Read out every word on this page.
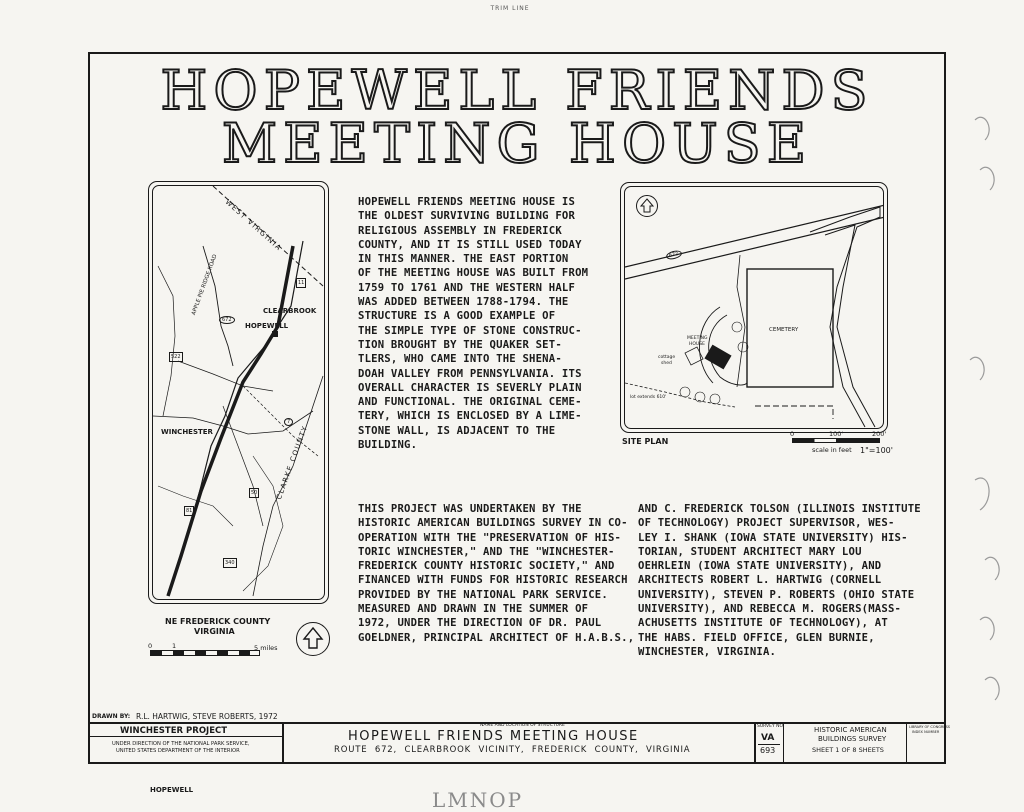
TRIM LINE
HOPEWELL FRIENDS
MEETING HOUSE
WEST VIRGINIA
APPLE PIE RIDGE ROAD	CLEARBROOK
HOPEWELL
WINCHESTER	CLARKE COUNTY
672
11
81
50
522
7
340
NE FREDERICK COUNTY
VIRGINIA
0	1	5 miles
HOPEWELL FRIENDS MEETING HOUSE IS
THE OLDEST SURVIVING BUILDING FOR
RELIGIOUS ASSEMBLY IN FREDERICK
COUNTY, AND IT IS STILL USED TODAY
IN THIS MANNER. THE EAST PORTION
OF THE MEETING HOUSE WAS BUILT FROM
1759 TO 1761 AND THE WESTERN HALF
WAS ADDED BETWEEN 1788-1794. THE
STRUCTURE IS A GOOD EXAMPLE OF
THE SIMPLE TYPE OF STONE CONSTRUC-
TION BROUGHT BY THE QUAKER SET-
TLERS, WHO CAME INTO THE SHENA-
DOAH VALLEY FROM PENNSYLVANIA. ITS
OVERALL CHARACTER IS SEVERLY PLAIN
AND FUNCTIONAL. THE ORIGINAL CEME-
TERY, WHICH IS ENCLOSED BY A LIME-
STONE WALL, IS ADJACENT TO THE
BUILDING.
672
CEMETERY
MEETING
HOUSE
cottage
shed
lot extends 610'
SITE PLAN
0	100'	200'
scale in feet 1"=100'
THIS PROJECT WAS UNDERTAKEN BY THE
HISTORIC AMERICAN BUILDINGS SURVEY IN CO-
OPERATION WITH THE "PRESERVATION OF HIS-
TORIC WINCHESTER," AND THE "WINCHESTER-
FREDERICK COUNTY HISTORIC SOCIETY," AND
FINANCED WITH FUNDS FOR HISTORIC RESEARCH
PROVIDED BY THE NATIONAL PARK SERVICE.
MEASURED AND DRAWN IN THE SUMMER OF
1972, UNDER THE DIRECTION OF DR. PAUL
GOELDNER, PRINCIPAL ARCHITECT OF H.A.B.S.,
AND C. FREDERICK TOLSON (ILLINOIS INSTITUTE
OF TECHNOLOGY) PROJECT SUPERVISOR, WES-
LEY I. SHANK (IOWA STATE UNIVERSITY) HIS-
TORIAN, STUDENT ARCHITECT MARY LOU
OEHRLEIN (IOWA STATE UNIVERSITY), AND
ARCHITECTS ROBERT L. HARTWIG (CORNELL
UNIVERSITY), STEVEN P. ROBERTS (OHIO STATE
UNIVERSITY), AND REBECCA M. ROGERS(MASS-
ACHUSETTS INSTITUTE OF TECHNOLOGY), AT
THE HABS. FIELD OFFICE, GLEN BURNIE,
WINCHESTER, VIRGINIA.
DRAWN BY: R.L. HARTWIG, STEVE ROBERTS, 1972
WINCHESTER PROJECT
UNDER DIRECTION OF THE NATIONAL PARK SERVICE,
UNITED STATES DEPARTMENT OF THE INTERIOR
NAME AND LOCATION OF STRUCTURE
HOPEWELL FRIENDS MEETING HOUSE
ROUTE 672, CLEARBROOK VICINITY, FREDERICK COUNTY, VIRGINIA
SURVEY NO.
VA
693
HISTORIC AMERICAN
BUILDINGS SURVEY
SHEET 1 OF 8 SHEETS
LIBRARY OF CONGRESS
INDEX NUMBER
HOPEWELL	LMNOP
